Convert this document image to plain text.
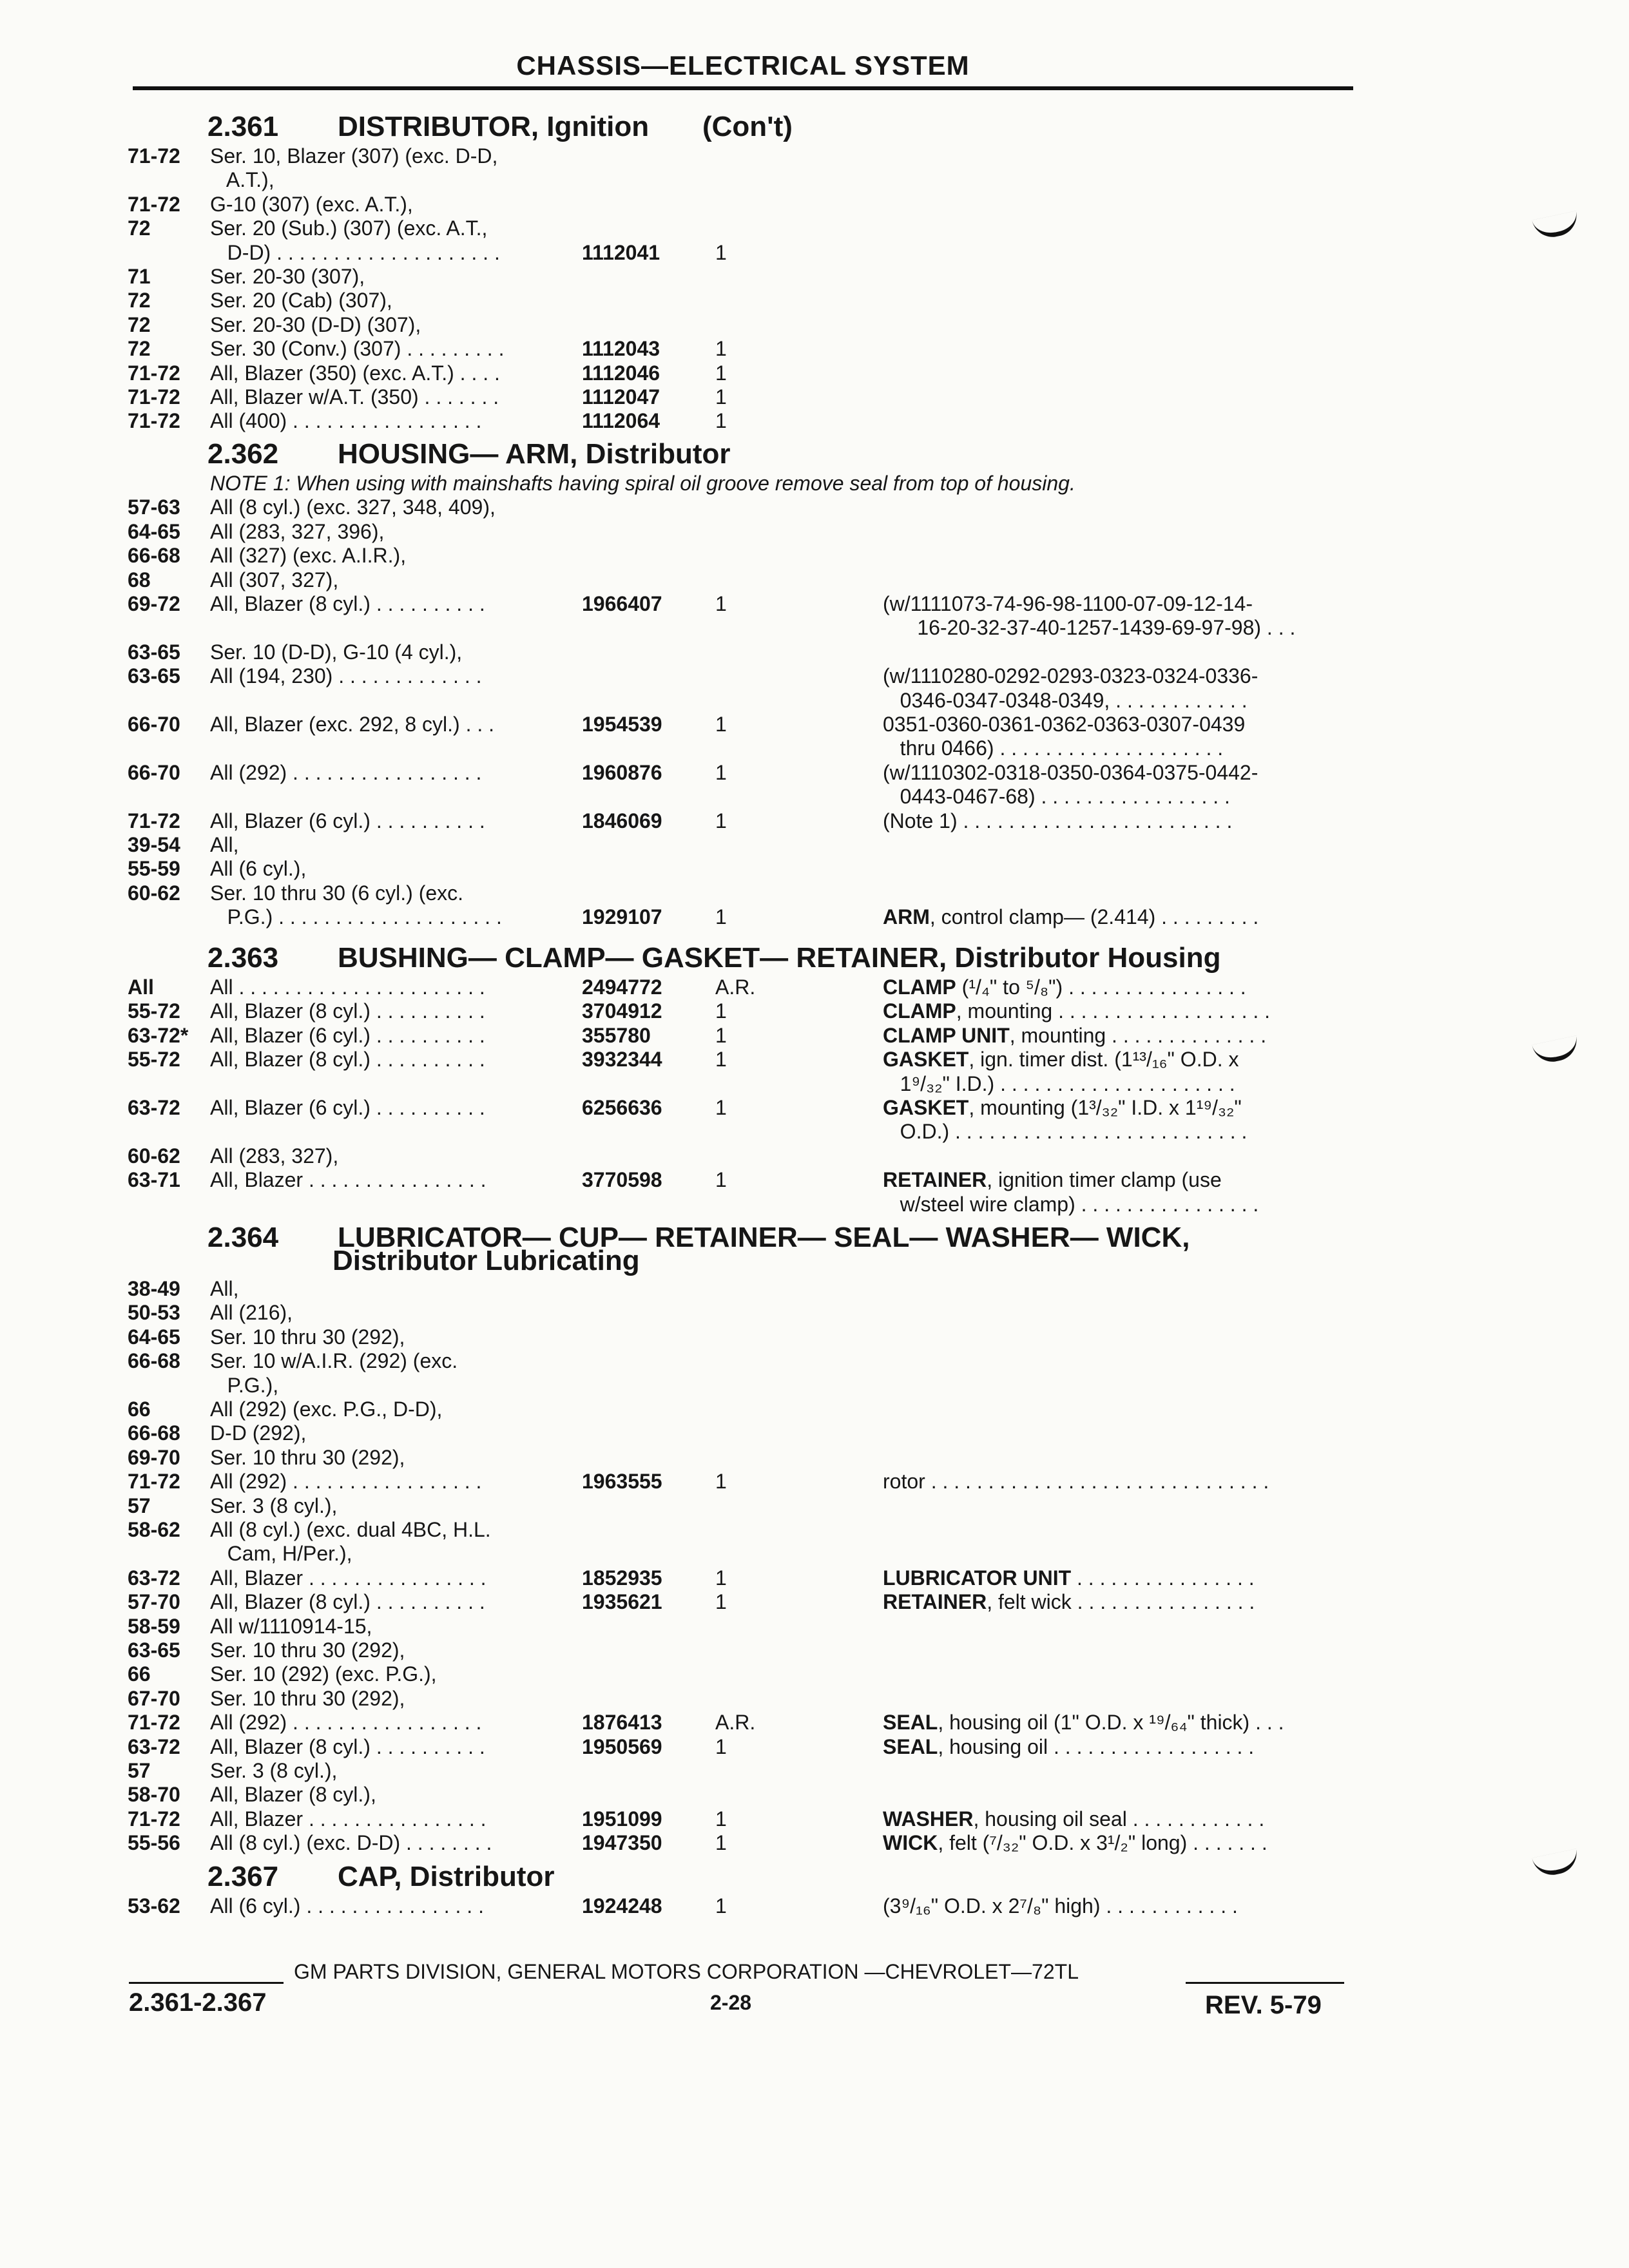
CHASSIS—ELECTRICAL SYSTEM
2.361 DISTRIBUTOR, Ignition (Con't)
71-72 Ser. 10, Blazer (307) (exc. D-D,
A.T.),
71-72 G-10 (307) (exc. A.T.),
72	Ser. 20 (Sub.) (307) (exc. A.T.,
D-D) . . . . . . . . . . . . . . . . . . . .	1112041	1
71	Ser. 20-30 (307),
72	Ser. 20 (Cab) (307),
72	Ser. 20-30 (D-D) (307),
72	Ser. 30 (Conv.) (307) . . . . . . . . .	1112043	1
71-72 All, Blazer (350) (exc. A.T.) . . . .	1112046	1
71-72 All, Blazer w/A.T. (350) . . . . . . .	1112047	1
71-72 All (400) . . . . . . . . . . . . . . . . .	1112064	1
2.362 HOUSING— ARM, Distributor
NOTE 1: When using with mainshafts having spiral oil groove remove seal from top of housing.
57-63 All (8 cyl.) (exc. 327, 348, 409),
64-65 All (283, 327, 396),
66-68 All (327) (exc. A.I.R.),
68	All (307, 327),
69-72 All, Blazer (8 cyl.) . . . . . . . . . .	1966407	1	(w/1111073-74-96-98-1100-07-09-12-14-
16-20-32-37-40-1257-1439-69-97-98) . . .
63-65 Ser. 10 (D-D), G-10 (4 cyl.),
63-65 All (194, 230) . . . . . . . . . . . . .	(w/1110280-0292-0293-0323-0324-0336-
0346-0347-0348-0349, . . . . . . . . . . . .
66-70 All, Blazer (exc. 292, 8 cyl.) . . .	1954539	1	0351-0360-0361-0362-0363-0307-0439
thru 0466) . . . . . . . . . . . . . . . . . . . .
66-70 All (292) . . . . . . . . . . . . . . . . .	1960876	1	(w/1110302-0318-0350-0364-0375-0442-
0443-0467-68) . . . . . . . . . . . . . . . . .
71-72 All, Blazer (6 cyl.) . . . . . . . . . .	1846069	1	(Note 1) . . . . . . . . . . . . . . . . . . . . . . . .
39-54 All,
55-59 All (6 cyl.),
60-62 Ser. 10 thru 30 (6 cyl.) (exc.
P.G.) . . . . . . . . . . . . . . . . . . . .	1929107	1	ARM, control clamp— (2.414) . . . . . . . . .
2.363 BUSHING— CLAMP— GASKET— RETAINER, Distributor Housing
All	All . . . . . . . . . . . . . . . . . . . . . .	2494772	A.R.	CLAMP (¹/₄" to ⁵/₈") . . . . . . . . . . . . . . . .
55-72 All, Blazer (8 cyl.) . . . . . . . . . .	3704912	1	CLAMP, mounting . . . . . . . . . . . . . . . . . . .
63-72* All, Blazer (6 cyl.) . . . . . . . . . .	355780	1	CLAMP UNIT, mounting . . . . . . . . . . . . . .
55-72 All, Blazer (8 cyl.) . . . . . . . . . .	3932344	1	GASKET, ign. timer dist. (1¹³/₁₆" O.D. x
1⁹/₃₂" I.D.) . . . . . . . . . . . . . . . . . . . . .
63-72 All, Blazer (6 cyl.) . . . . . . . . . .	6256636	1	GASKET, mounting (1³/₃₂" I.D. x 1¹⁹/₃₂"
O.D.) . . . . . . . . . . . . . . . . . . . . . . . . . .
60-62 All (283, 327),
63-71 All, Blazer . . . . . . . . . . . . . . . .	3770598	1	RETAINER, ignition timer clamp (use
w/steel wire clamp) . . . . . . . . . . . . . . . .
2.364 LUBRICATOR— CUP— RETAINER— SEAL— WASHER— WICK,
Distributor Lubricating
38-49 All,
50-53 All (216),
64-65 Ser. 10 thru 30 (292),
66-68 Ser. 10 w/A.I.R. (292) (exc.
P.G.),
66	All (292) (exc. P.G., D-D),
66-68 D-D (292),
69-70 Ser. 10 thru 30 (292),
71-72 All (292) . . . . . . . . . . . . . . . . .	1963555	1	rotor . . . . . . . . . . . . . . . . . . . . . . . . . . . . . .
57	Ser. 3 (8 cyl.),
58-62 All (8 cyl.) (exc. dual 4BC, H.L.
Cam, H/Per.),
63-72 All, Blazer . . . . . . . . . . . . . . . .	1852935	1	LUBRICATOR UNIT . . . . . . . . . . . . . . . .
57-70 All, Blazer (8 cyl.) . . . . . . . . . .	1935621	1	RETAINER, felt wick . . . . . . . . . . . . . . . .
58-59 All w/1110914-15,
63-65 Ser. 10 thru 30 (292),
66	Ser. 10 (292) (exc. P.G.),
67-70 Ser. 10 thru 30 (292),
71-72 All (292) . . . . . . . . . . . . . . . . .	1876413	A.R.	SEAL, housing oil (1" O.D. x ¹⁹/₆₄" thick) . . .
63-72 All, Blazer (8 cyl.) . . . . . . . . . .	1950569	1	SEAL, housing oil . . . . . . . . . . . . . . . . . .
57	Ser. 3 (8 cyl.),
58-70 All, Blazer (8 cyl.),
71-72 All, Blazer . . . . . . . . . . . . . . . .	1951099	1	WASHER, housing oil seal . . . . . . . . . . . .
55-56 All (8 cyl.) (exc. D-D) . . . . . . . .	1947350	1	WICK, felt (⁷/₃₂" O.D. x 3¹/₂" long) . . . . . . .
2.367 CAP, Distributor
53-62 All (6 cyl.) . . . . . . . . . . . . . . . .	1924248	1	(3⁹/₁₆" O.D. x 2⁷/₈" high) . . . . . . . . . . . .
GM PARTS DIVISION, GENERAL MOTORS CORPORATION —CHEVROLET—72TL
2.361-2.367	2-28	REV. 5-79
